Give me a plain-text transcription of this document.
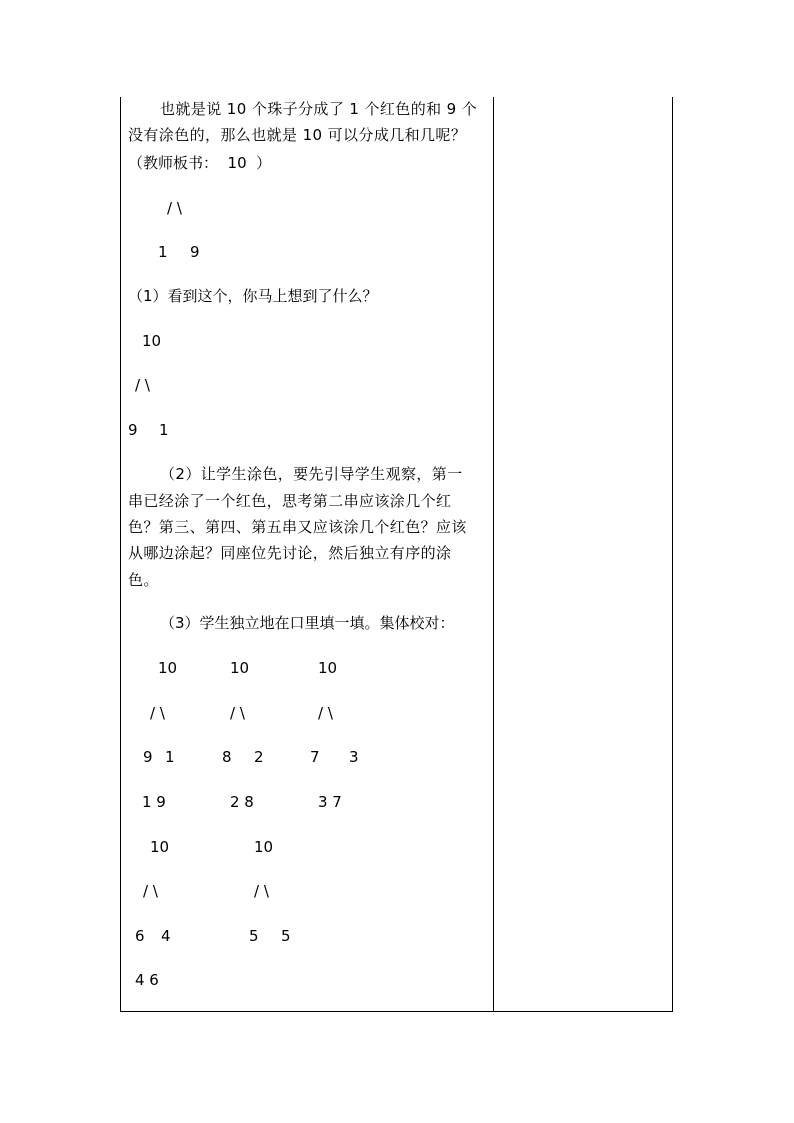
也就是说 10 个珠子分成了 1 个红色的和 9 个
没有涂色的，那么也就是 10 可以分成几和几呢？
（教师板书：  10  ）
/ \
1 9
（1）看到这个，你马上想到了什么？
10
/ \
9 1
（2）让学生涂色，要先引导学生观察，第一
串已经涂了一个红色，思考第二串应该涂几个红
色？第三、第四、第五串又应该涂几个红色？应该
从哪边涂起？同座位先讨论，然后独立有序的涂
色。
（3）学生独立地在口里填一填。集体校对：
10	10	10
/ \	/ \	/ \
9 1	8 2	7 3
1 9	2 8	3 7
10	10
/ \	/ \
6 4	5 5
4 6
